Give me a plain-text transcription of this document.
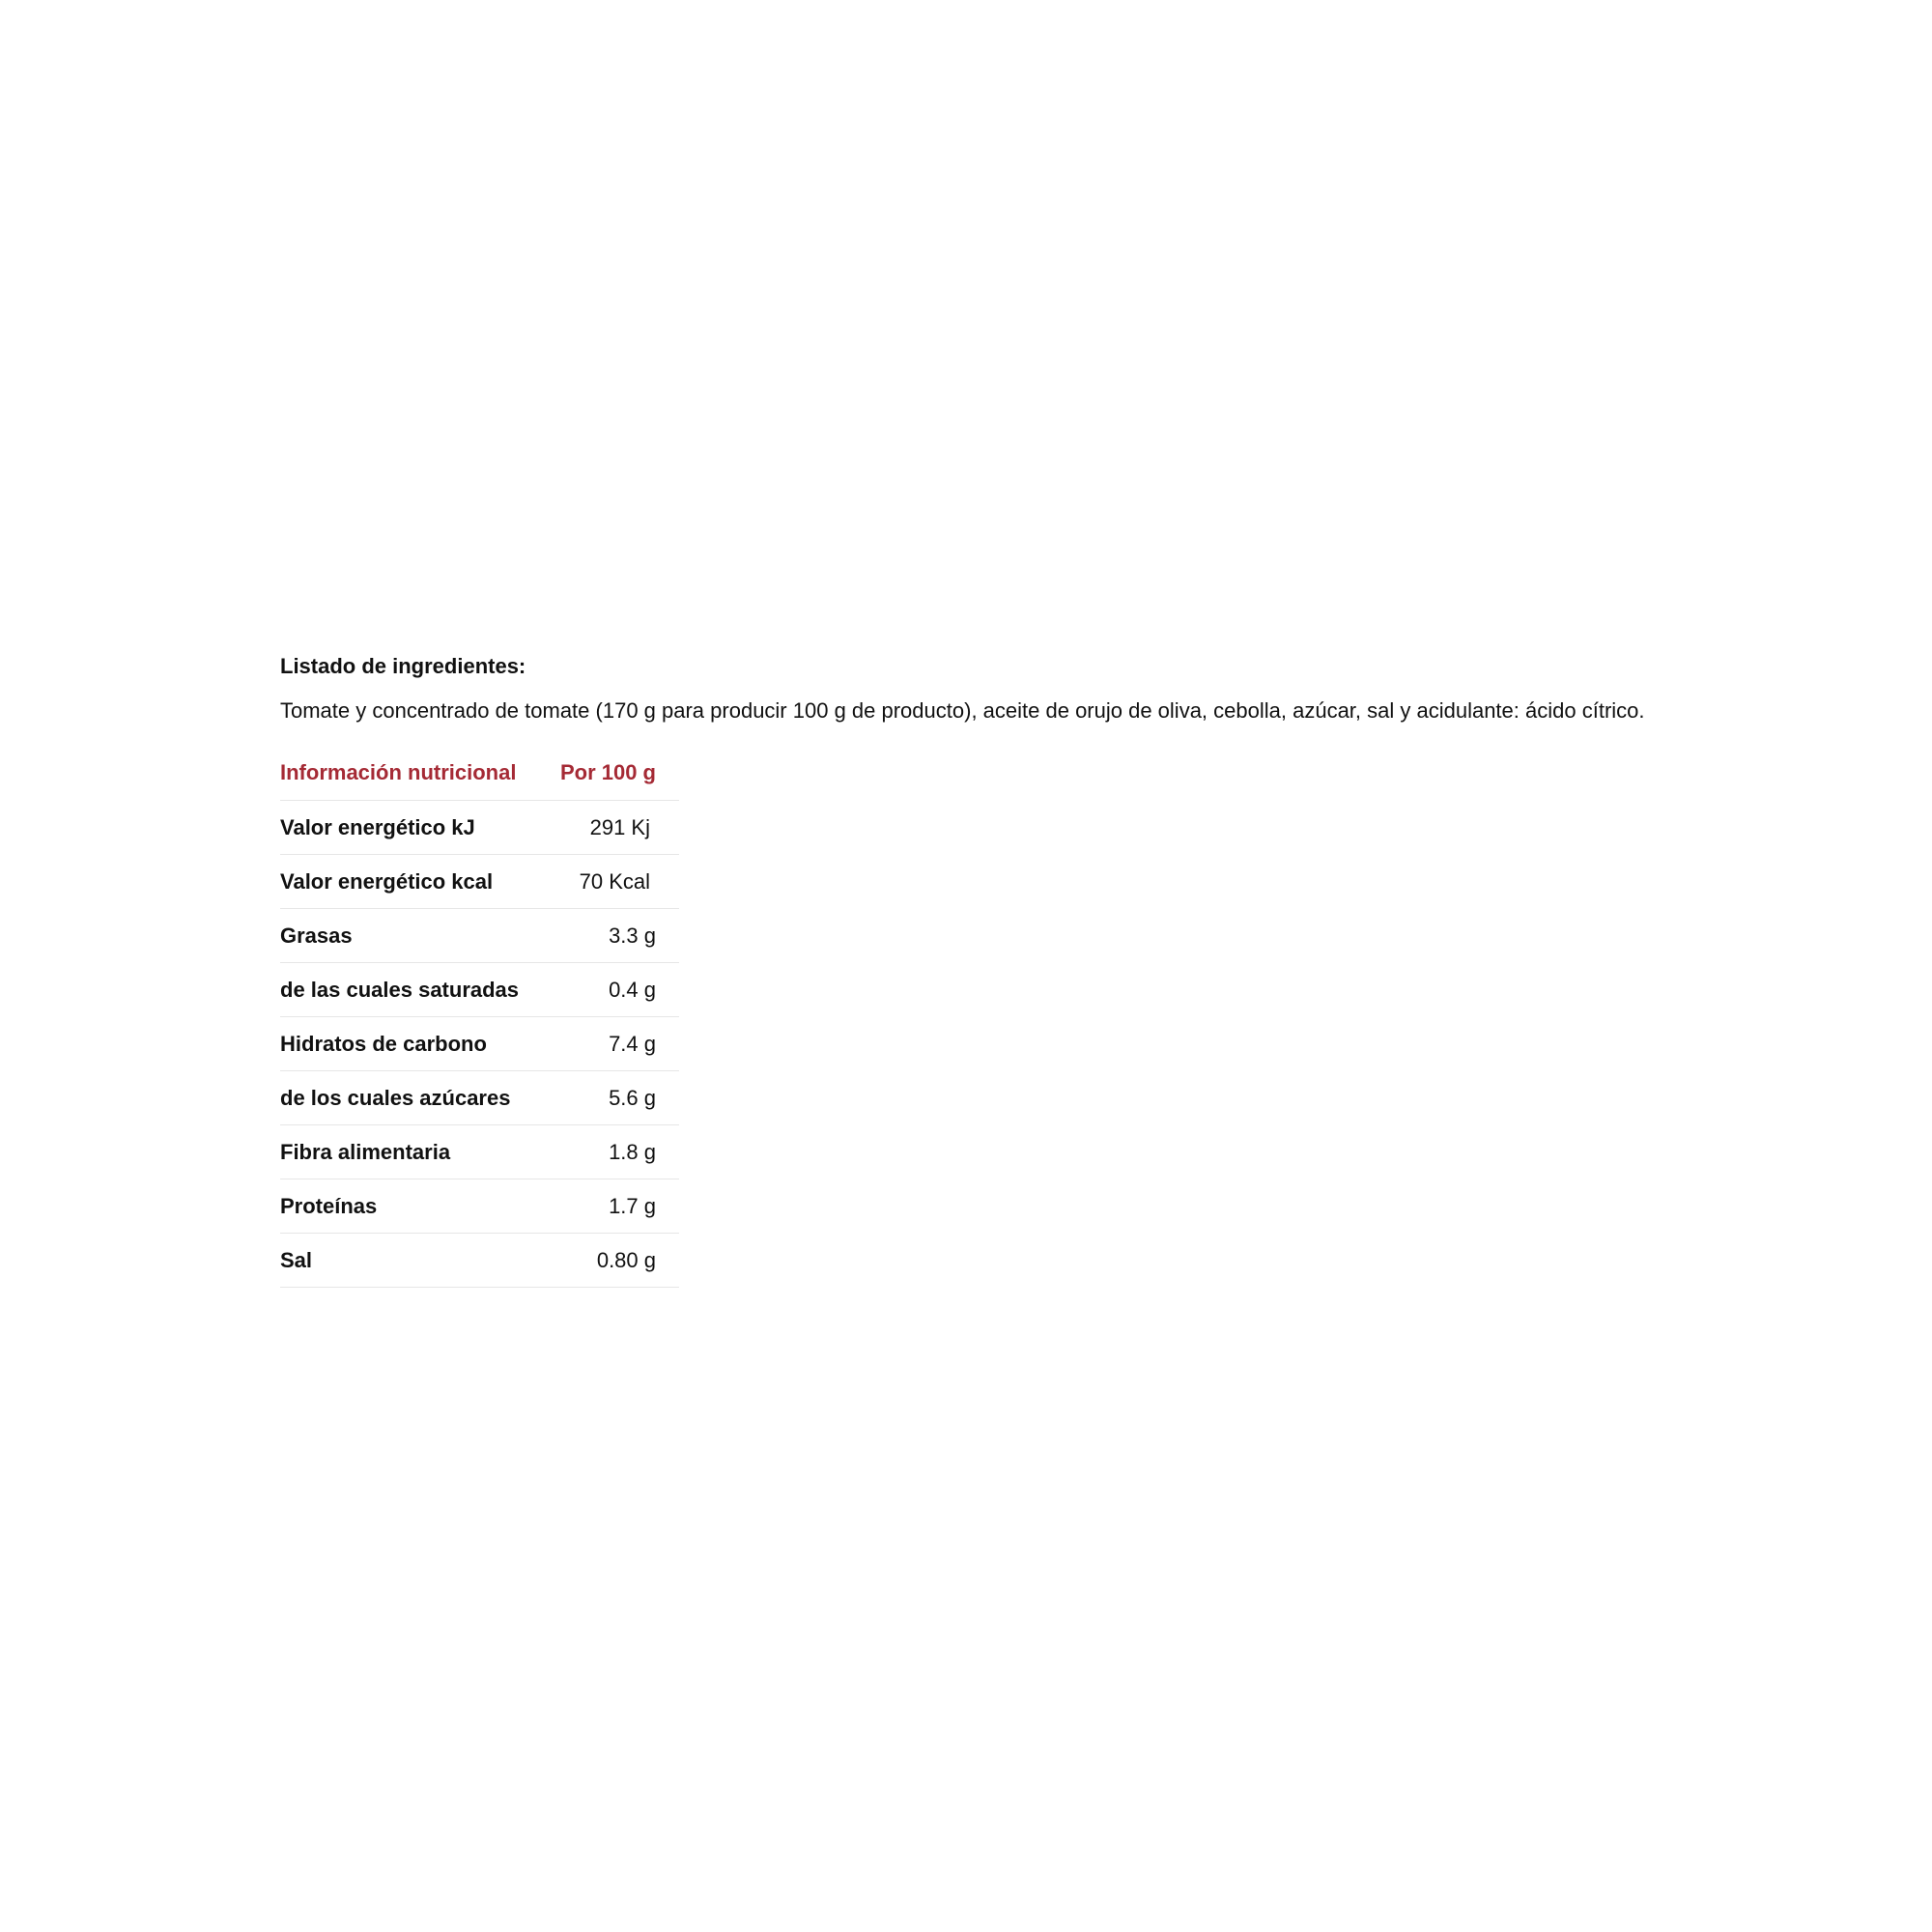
Listado de ingredientes:

Tomate y concentrado de tomate (170 g para producir 100 g de producto), aceite de orujo de oliva, cebolla, azúcar, sal y acidulante: ácido cítrico.

Información nutricional	Por 100 g
Valor energético kJ	291 Kj
Valor energético kcal	70 Kcal
Grasas	3.3 g
de las cuales saturadas	0.4 g
Hidratos de carbono	7.4 g
de los cuales azúcares	5.6 g
Fibra alimentaria	1.8 g
Proteínas	1.7 g
Sal	0.80 g
